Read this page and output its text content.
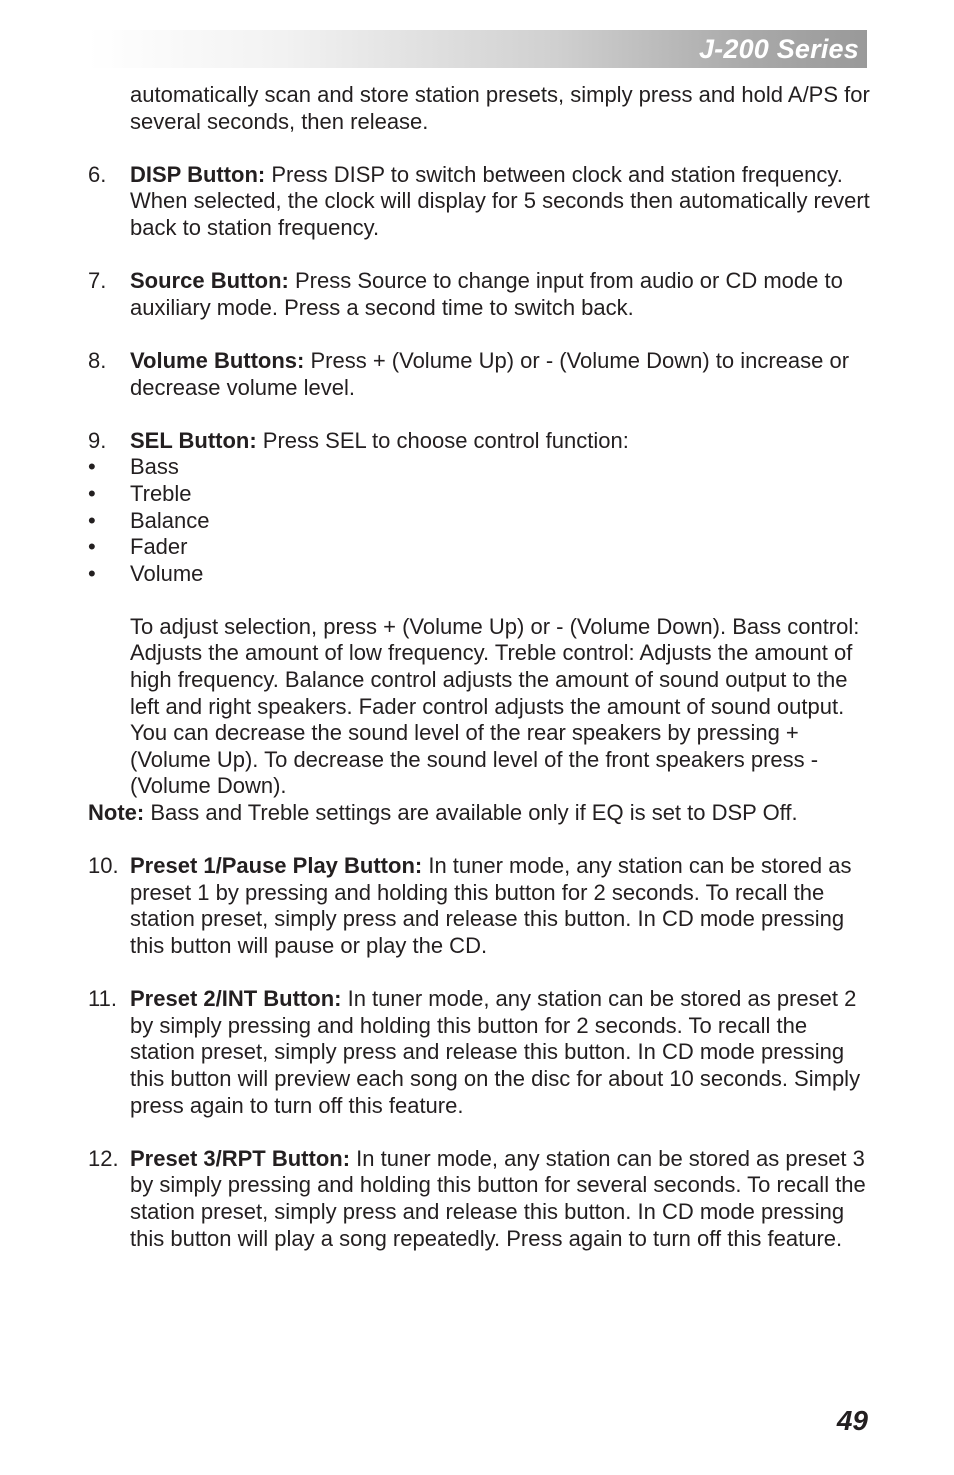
J-200 Series

automatically scan and store station presets, simply press and hold A/PS for several seconds, then release.

6. DISP Button: Press DISP to switch between clock and station frequency. When selected, the clock will display for 5 seconds then automatically revert back to station frequency.
7. Source Button: Press Source to change input from audio or CD mode to auxiliary mode. Press a second time to switch back.
8. Volume Buttons: Press + (Volume Up) or - (Volume Down) to increase or decrease volume level.
9. SEL Button: Press SEL to choose control function:
• Bass
• Treble
• Balance
• Fader
• Volume

To adjust selection, press + (Volume Up) or - (Volume Down). Bass control: Adjusts the amount of low frequency. Treble control: Adjusts the amount of high frequency. Balance control adjusts the amount of sound output to the left and right speakers. Fader control adjusts the amount of sound output. You can decrease the sound level of the rear speakers by pressing + (Volume Up). To decrease the sound level of the front speakers press - (Volume Down).

Note: Bass and Treble settings are available only if EQ is set to DSP Off.

10. Preset 1/Pause Play Button: In tuner mode, any station can be stored as preset 1 by pressing and holding this button for 2 seconds. To recall the station preset, simply press and release this button. In CD mode pressing this button will pause or play the CD.
11. Preset 2/INT Button: In tuner mode, any station can be stored as preset 2 by simply pressing and holding this button for 2 seconds. To recall the station preset, simply press and release this button. In CD mode pressing this button will preview each song on the disc for about 10 seconds. Simply press again to turn off this feature.
12. Preset 3/RPT Button: In tuner mode, any station can be stored as preset 3 by simply pressing and holding this button for several seconds. To recall the station preset, simply press and release this button. In CD mode pressing this button will play a song repeatedly. Press again to turn off this feature.
49
